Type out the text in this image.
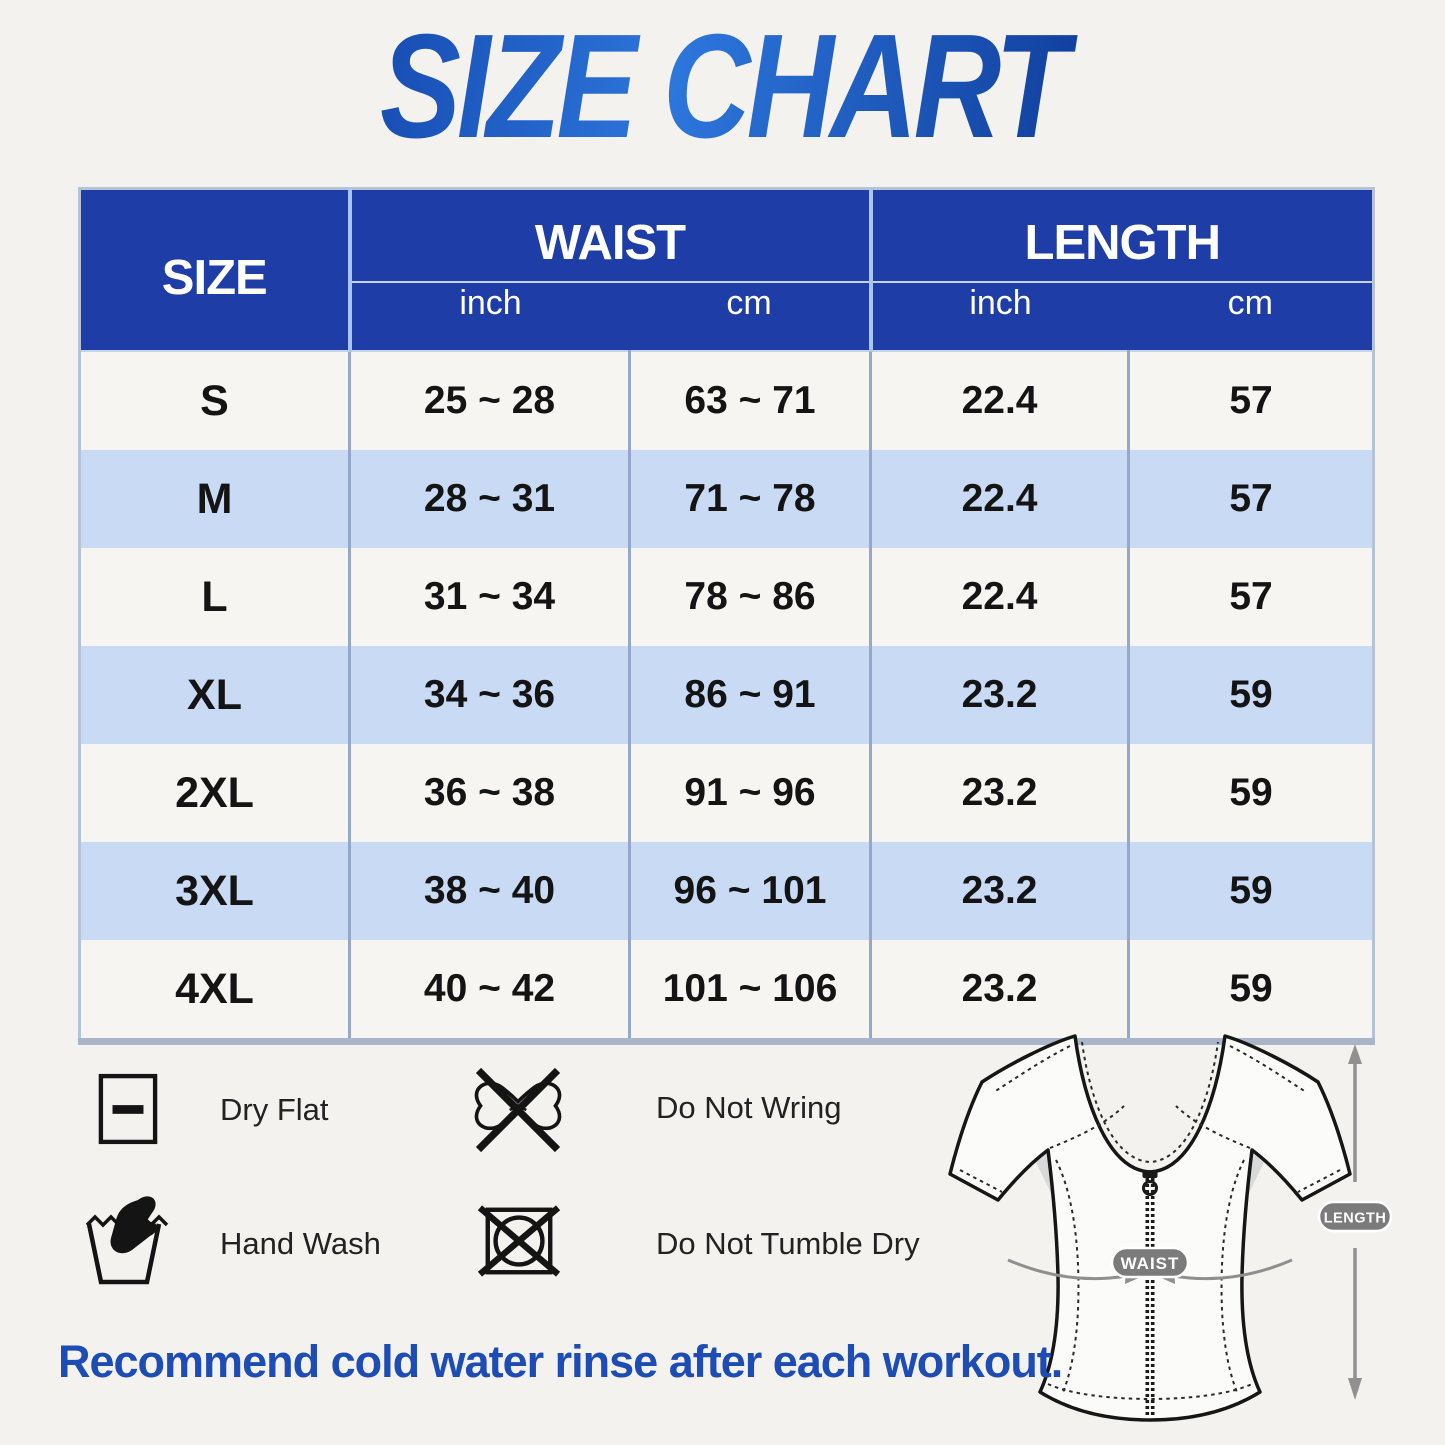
SIZE CHART
SIZE	WAIST		LENGTH	
	inch	cm	inch	cm
S	25 ~ 28	63 ~ 71	22.4	57
M	28 ~ 31	71 ~ 78	22.4	57
L	31 ~ 34	78 ~ 86	22.4	57
XL	34 ~ 36	86 ~ 91	23.2	59
2XL	36 ~ 38	91 ~ 96	23.2	59
3XL	38 ~ 40	96 ~ 101	23.2	59
4XL	40 ~ 42	101 ~ 106	23.2	59
Dry Flat	Do Not Wring
Hand Wash	Do Not Tumble Dry
WAIST
LENGTH
Recommend cold water rinse after each workout.
